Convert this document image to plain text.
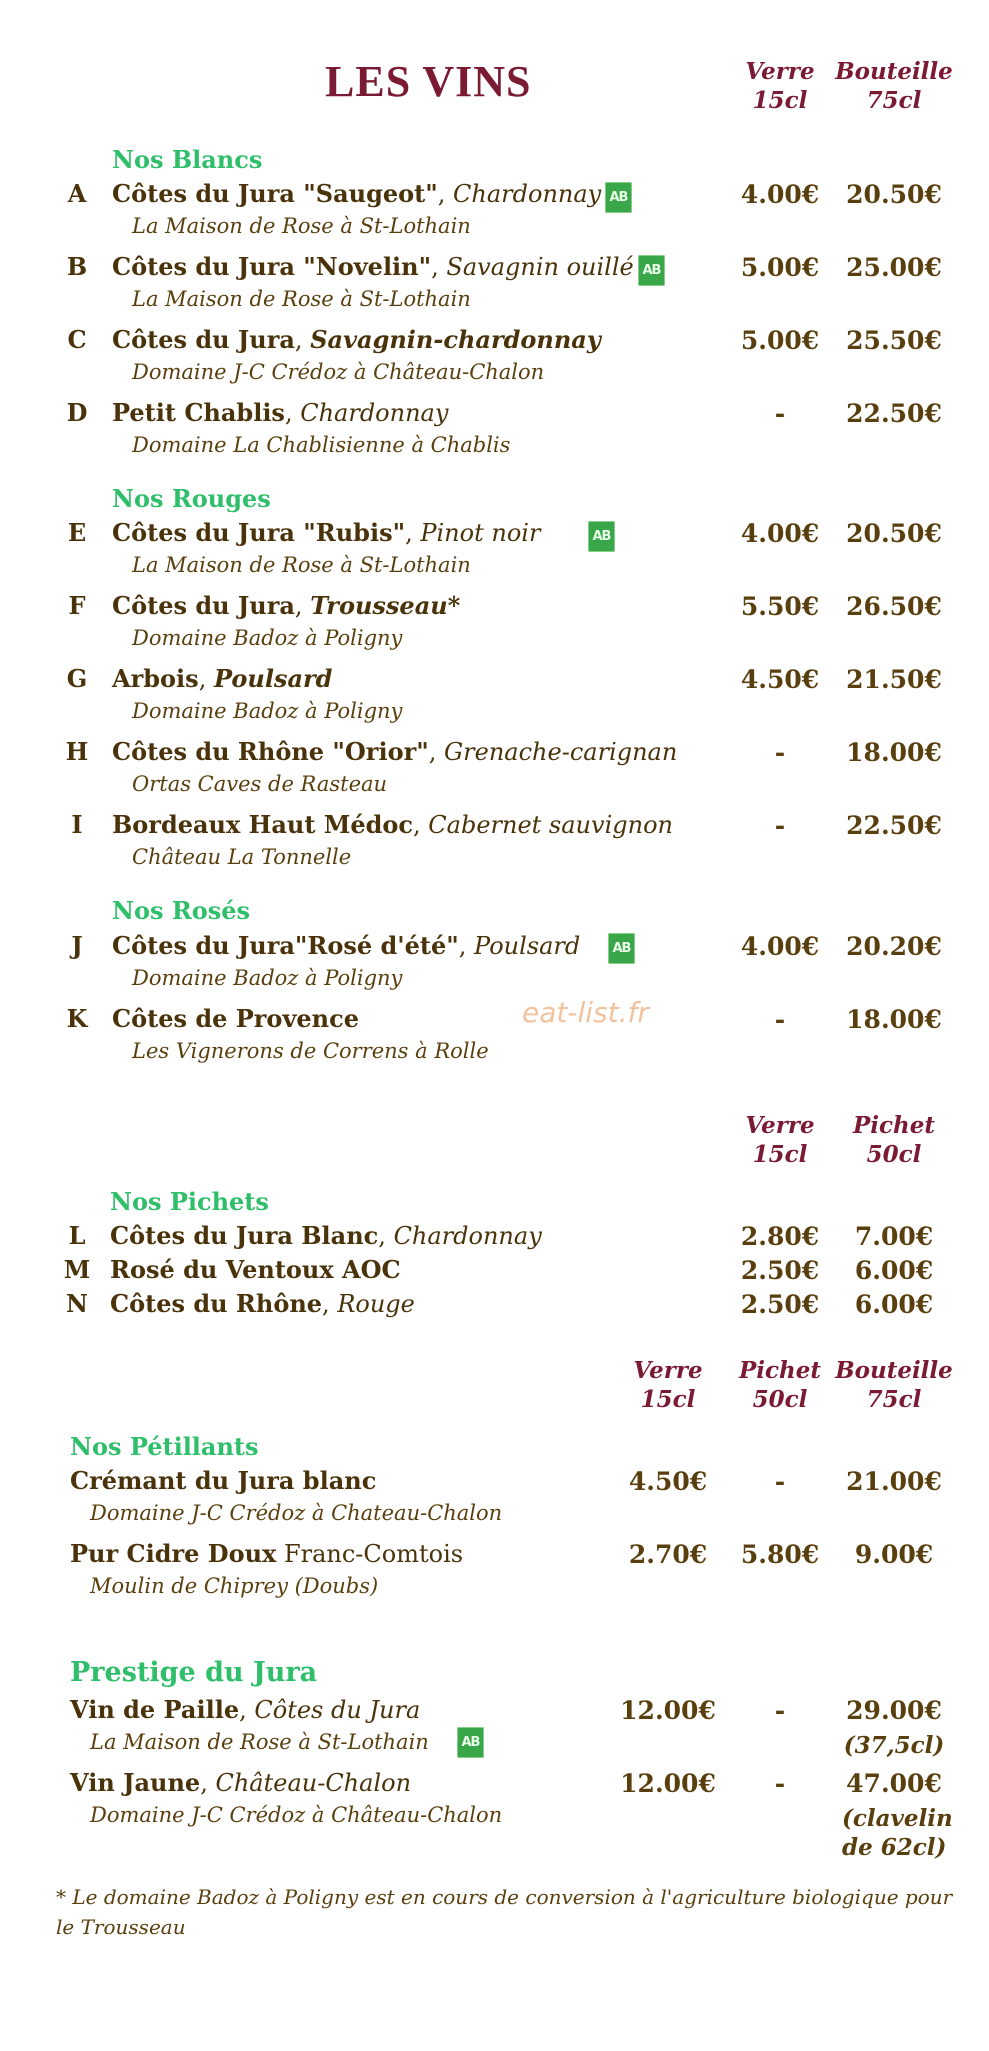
LES VINS	Verre
15cl
Bouteille
75cl
Nos Blancs
A Côtes du Jura "Saugeot", Chardonnay AB
La Maison de Rose à St-Lothain
4.00€	20.50€
B Côtes du Jura "Novelin", Savagnin ouillé AB
La Maison de Rose à St-Lothain
5.00€	25.00€
C Côtes du Jura, Savagnin-chardonnay
Domaine J-C Crédoz à Château-Chalon
5.00€	25.50€
D Petit Chablis, Chardonnay
Domaine La Chablisienne à Chablis
-	22.50€
Nos Rouges
E Côtes du Jura "Rubis", Pinot noir	AB
La Maison de Rose à St-Lothain
4.00€	20.50€
F Côtes du Jura, Trousseau*
Domaine Badoz à Poligny
5.50€	26.50€
G Arbois, Poulsard
Domaine Badoz à Poligny
4.50€	21.50€
H Côtes du Rhône "Orior", Grenache-carignan
Ortas Caves de Rasteau
-	18.00€
I	Bordeaux Haut Médoc, Cabernet sauvignon
Château La Tonnelle
-	22.50€
Nos Rosés
J	Côtes du Jura"Rosé d'été", Poulsard	AB
Domaine Badoz à Poligny
4.00€	20.20€
K Côtes de Provence	eat-list.fr
Les Vignerons de Correns à Rolle
-	18.00€
Verre
15cl
Pichet
50cl
Nos Pichets
L Côtes du Jura Blanc, Chardonnay	2.80€	7.00€
M Rosé du Ventoux AOC	2.50€	6.00€
N Côtes du Rhône, Rouge	2.50€	6.00€
Verre
15cl
Pichet
50cl
Bouteille
75cl
Nos Pétillants
Crémant du Jura blanc
Domaine J-C Crédoz à Chateau-Chalon
4.50€	-	21.00€
Pur Cidre Doux Franc-Comtois
Moulin de Chiprey (Doubs)
2.70€	5.80€	9.00€
Prestige du Jura
Vin de Paille, Côtes du Jura
La Maison de Rose à St-Lothain	AB
12.00€	-	29.00€
(37,5cl)
Vin Jaune, Château-Chalon
Domaine J-C Crédoz à Château-Chalon
12.00€	-	47.00€
(clavelin de 62cl)
* Le domaine Badoz à Poligny est en cours de conversion à l'agriculture biologique pour le Trousseau
